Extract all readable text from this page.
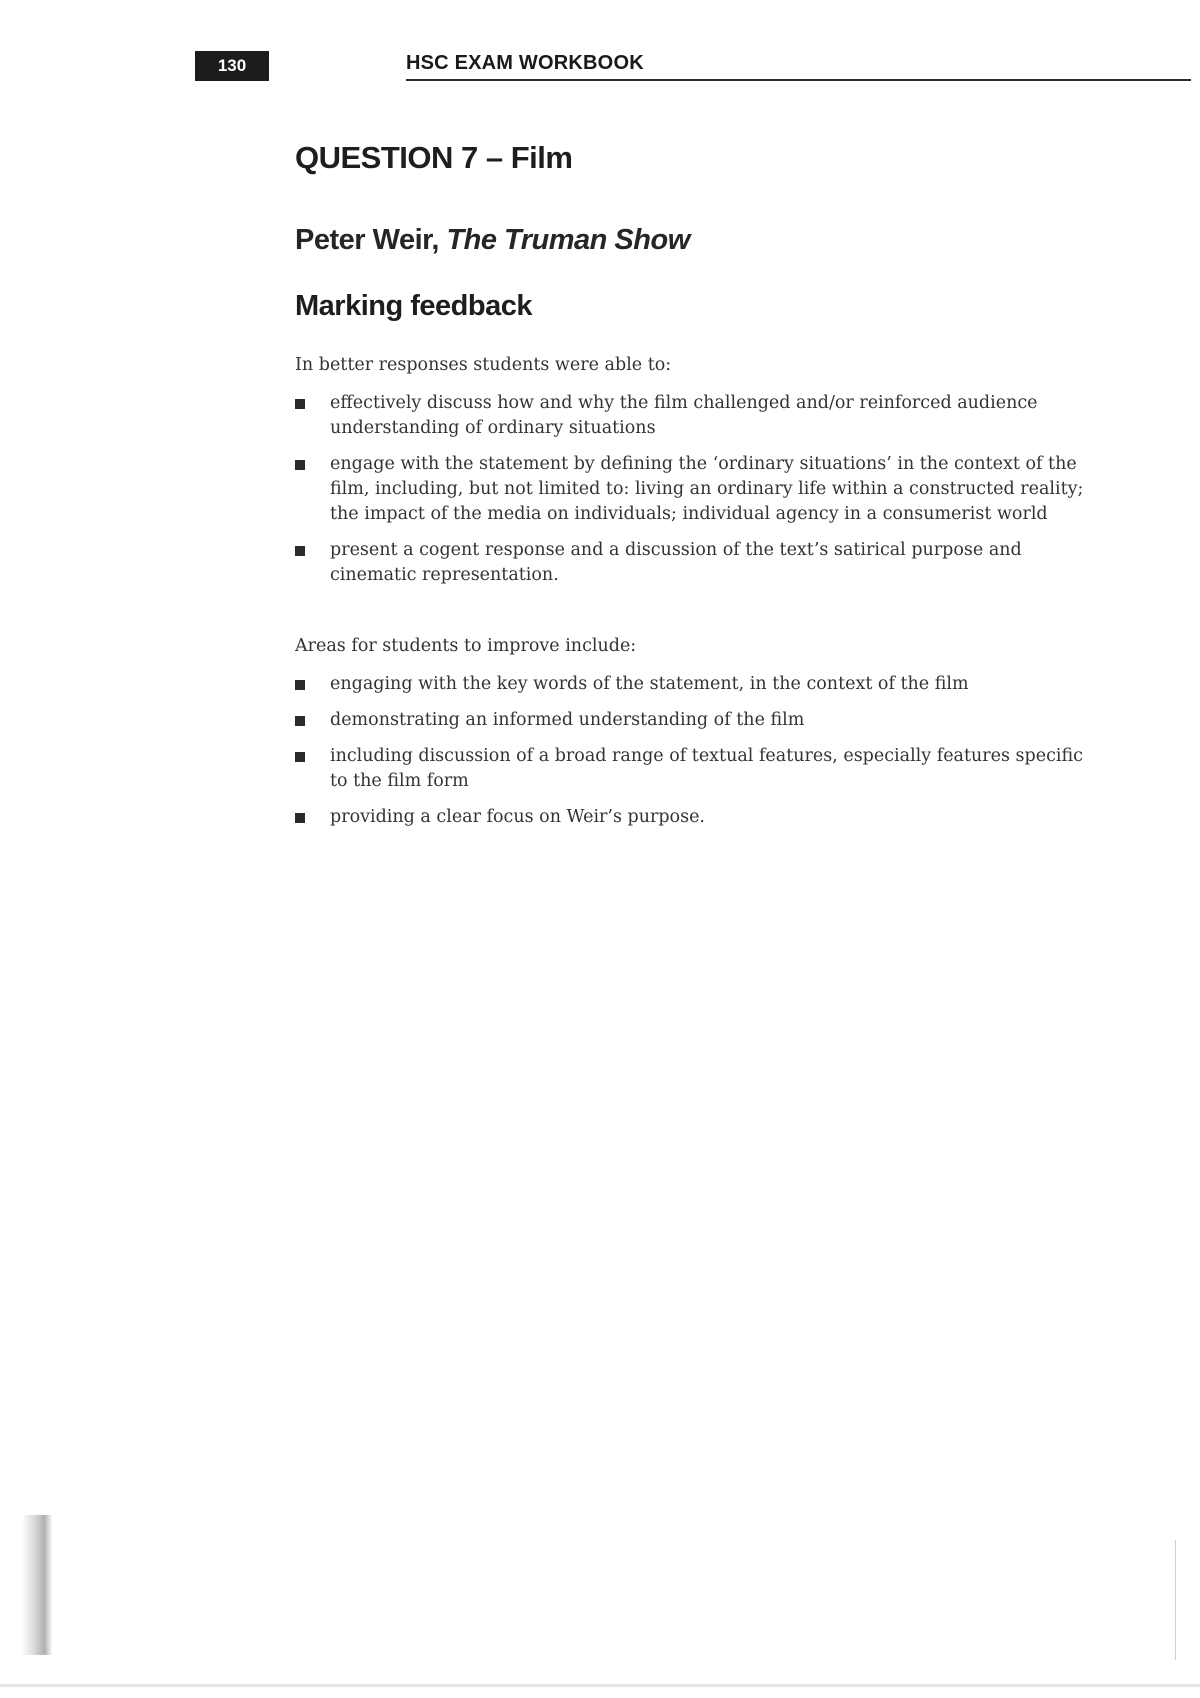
130	HSC EXAM WORKBOOK
QUESTION 7 – Film
Peter Weir, The Truman Show
Marking feedback

In better responses students were able to:

effectively discuss how and why the film challenged and/or reinforced audience understanding of ordinary situations
engage with the statement by defining the ‘ordinary situations’ in the context of the film, including, but not limited to: living an ordinary life within a constructed reality; the impact of the media on individuals; individual agency in a consumerist world
present a cogent response and a discussion of the text’s satirical purpose and cinematic representation.

Areas for students to improve include:

engaging with the key words of the statement, in the context of the film
demonstrating an informed understanding of the film
including discussion of a broad range of textual features, especially features specific to the film form
providing a clear focus on Weir’s purpose.
